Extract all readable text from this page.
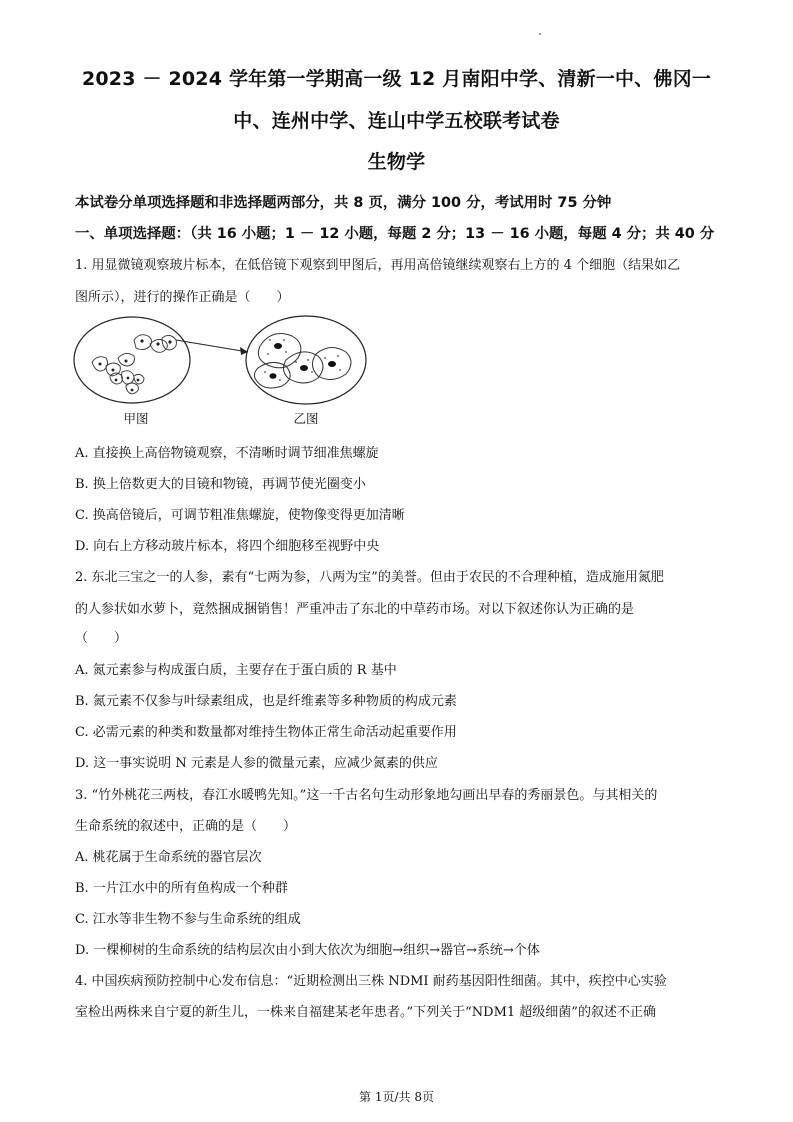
2023 － 2024 学年第一学期高一级 12 月南阳中学、清新一中、佛冈一
中、连州中学、连山中学五校联考试卷
生物学
本试卷分单项选择题和非选择题两部分，共 8 页，满分 100 分，考试用时 75 分钟
一、单项选择题：（共 16 小题；1 － 12 小题，每题 2 分；13 － 16 小题，每题 4 分；共 40 分
1. 用显微镜观察玻片标本，在低倍镜下观察到甲图后，再用高倍镜继续观察右上方的 4 个细胞（结果如乙
图所示），进行的操作正确是（　　）
甲图	乙图
A. 直接换上高倍物镜观察，不清晰时调节细准焦螺旋
B. 换上倍数更大的目镜和物镜，再调节使光圈变小
C. 换高倍镜后，可调节粗准焦螺旋，使物像变得更加清晰
D. 向右上方移动玻片标本，将四个细胞移至视野中央
2. 东北三宝之一的人参，素有“七两为参，八两为宝”的美誉。但由于农民的不合理种植，造成施用氮肥
的人参状如水萝卜，竟然捆成捆销售！严重冲击了东北的中草药市场。对以下叙述你认为正确的是
（　　）
A. 氮元素参与构成蛋白质，主要存在于蛋白质的 R 基中
B. 氮元素不仅参与叶绿素组成，也是纤维素等多种物质的构成元素
C. 必需元素的种类和数量都对维持生物体正常生命活动起重要作用
D. 这一事实说明 N 元素是人参的微量元素，应减少氮素的供应
3. “竹外桃花三两枝，春江水暖鸭先知。”这一千古名句生动形象地勾画出早春的秀丽景色。与其相关的
生命系统的叙述中，正确的是（　　）
A. 桃花属于生命系统的器官层次
B. 一片江水中的所有鱼构成一个种群
C. 江水等非生物不参与生命系统的组成
D. 一棵柳树的生命系统的结构层次由小到大依次为细胞→组织→器官→系统→个体
4. 中国疾病预防控制中心发布信息：“近期检测出三株 NDMI 耐药基因阳性细菌。其中，疾控中心实验
室检出两株来自宁夏的新生儿，一株来自福建某老年患者。”下列关于“NDM1 超级细菌”的叙述不正确
第 1页/共 8页
